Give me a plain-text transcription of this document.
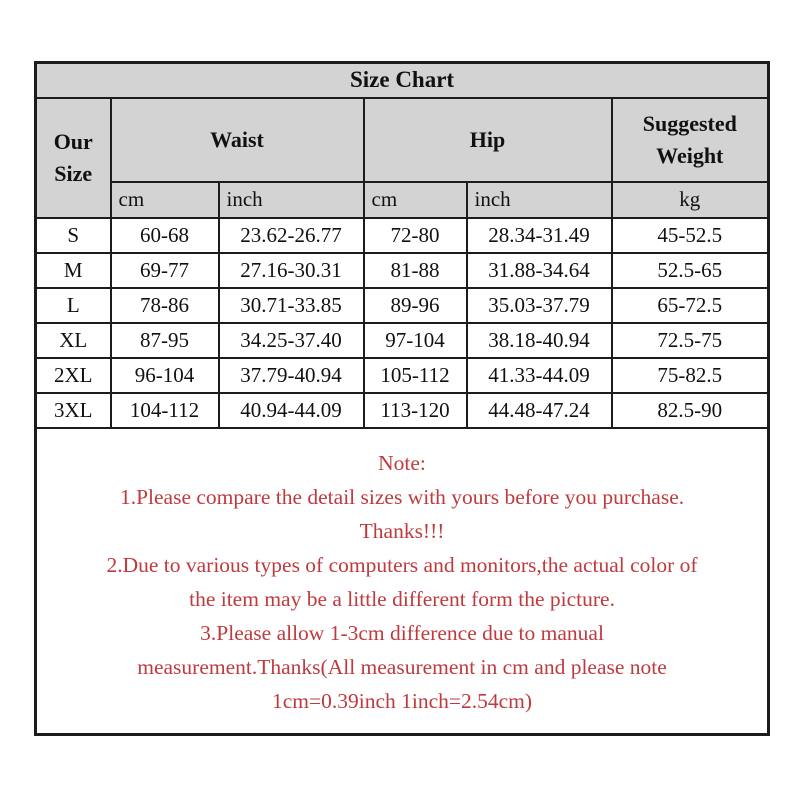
Size Chart					
Our Size	Waist		Hip		Suggested Weight
	cm	inch	cm	inch	kg
S	60-68	23.62-26.77	72-80	28.34-31.49	45-52.5
M	69-77	27.16-30.31	81-88	31.88-34.64	52.5-65
L	78-86	30.71-33.85	89-96	35.03-37.79	65-72.5
XL	87-95	34.25-37.40	97-104	38.18-40.94	72.5-75
2XL	96-104	37.79-40.94	105-112	41.33-44.09	75-82.5
3XL	104-112	40.94-44.09	113-120	44.48-47.24	82.5-90

Note:
1.Please compare the detail sizes with yours before you purchase.
Thanks!!!
2.Due to various types of computers and monitors,the actual color of
the item may be a little different form the picture.
3.Please allow 1-3cm difference due to manual
measurement.Thanks(All measurement in cm and please note
1cm=0.39inch 1inch=2.54cm)
